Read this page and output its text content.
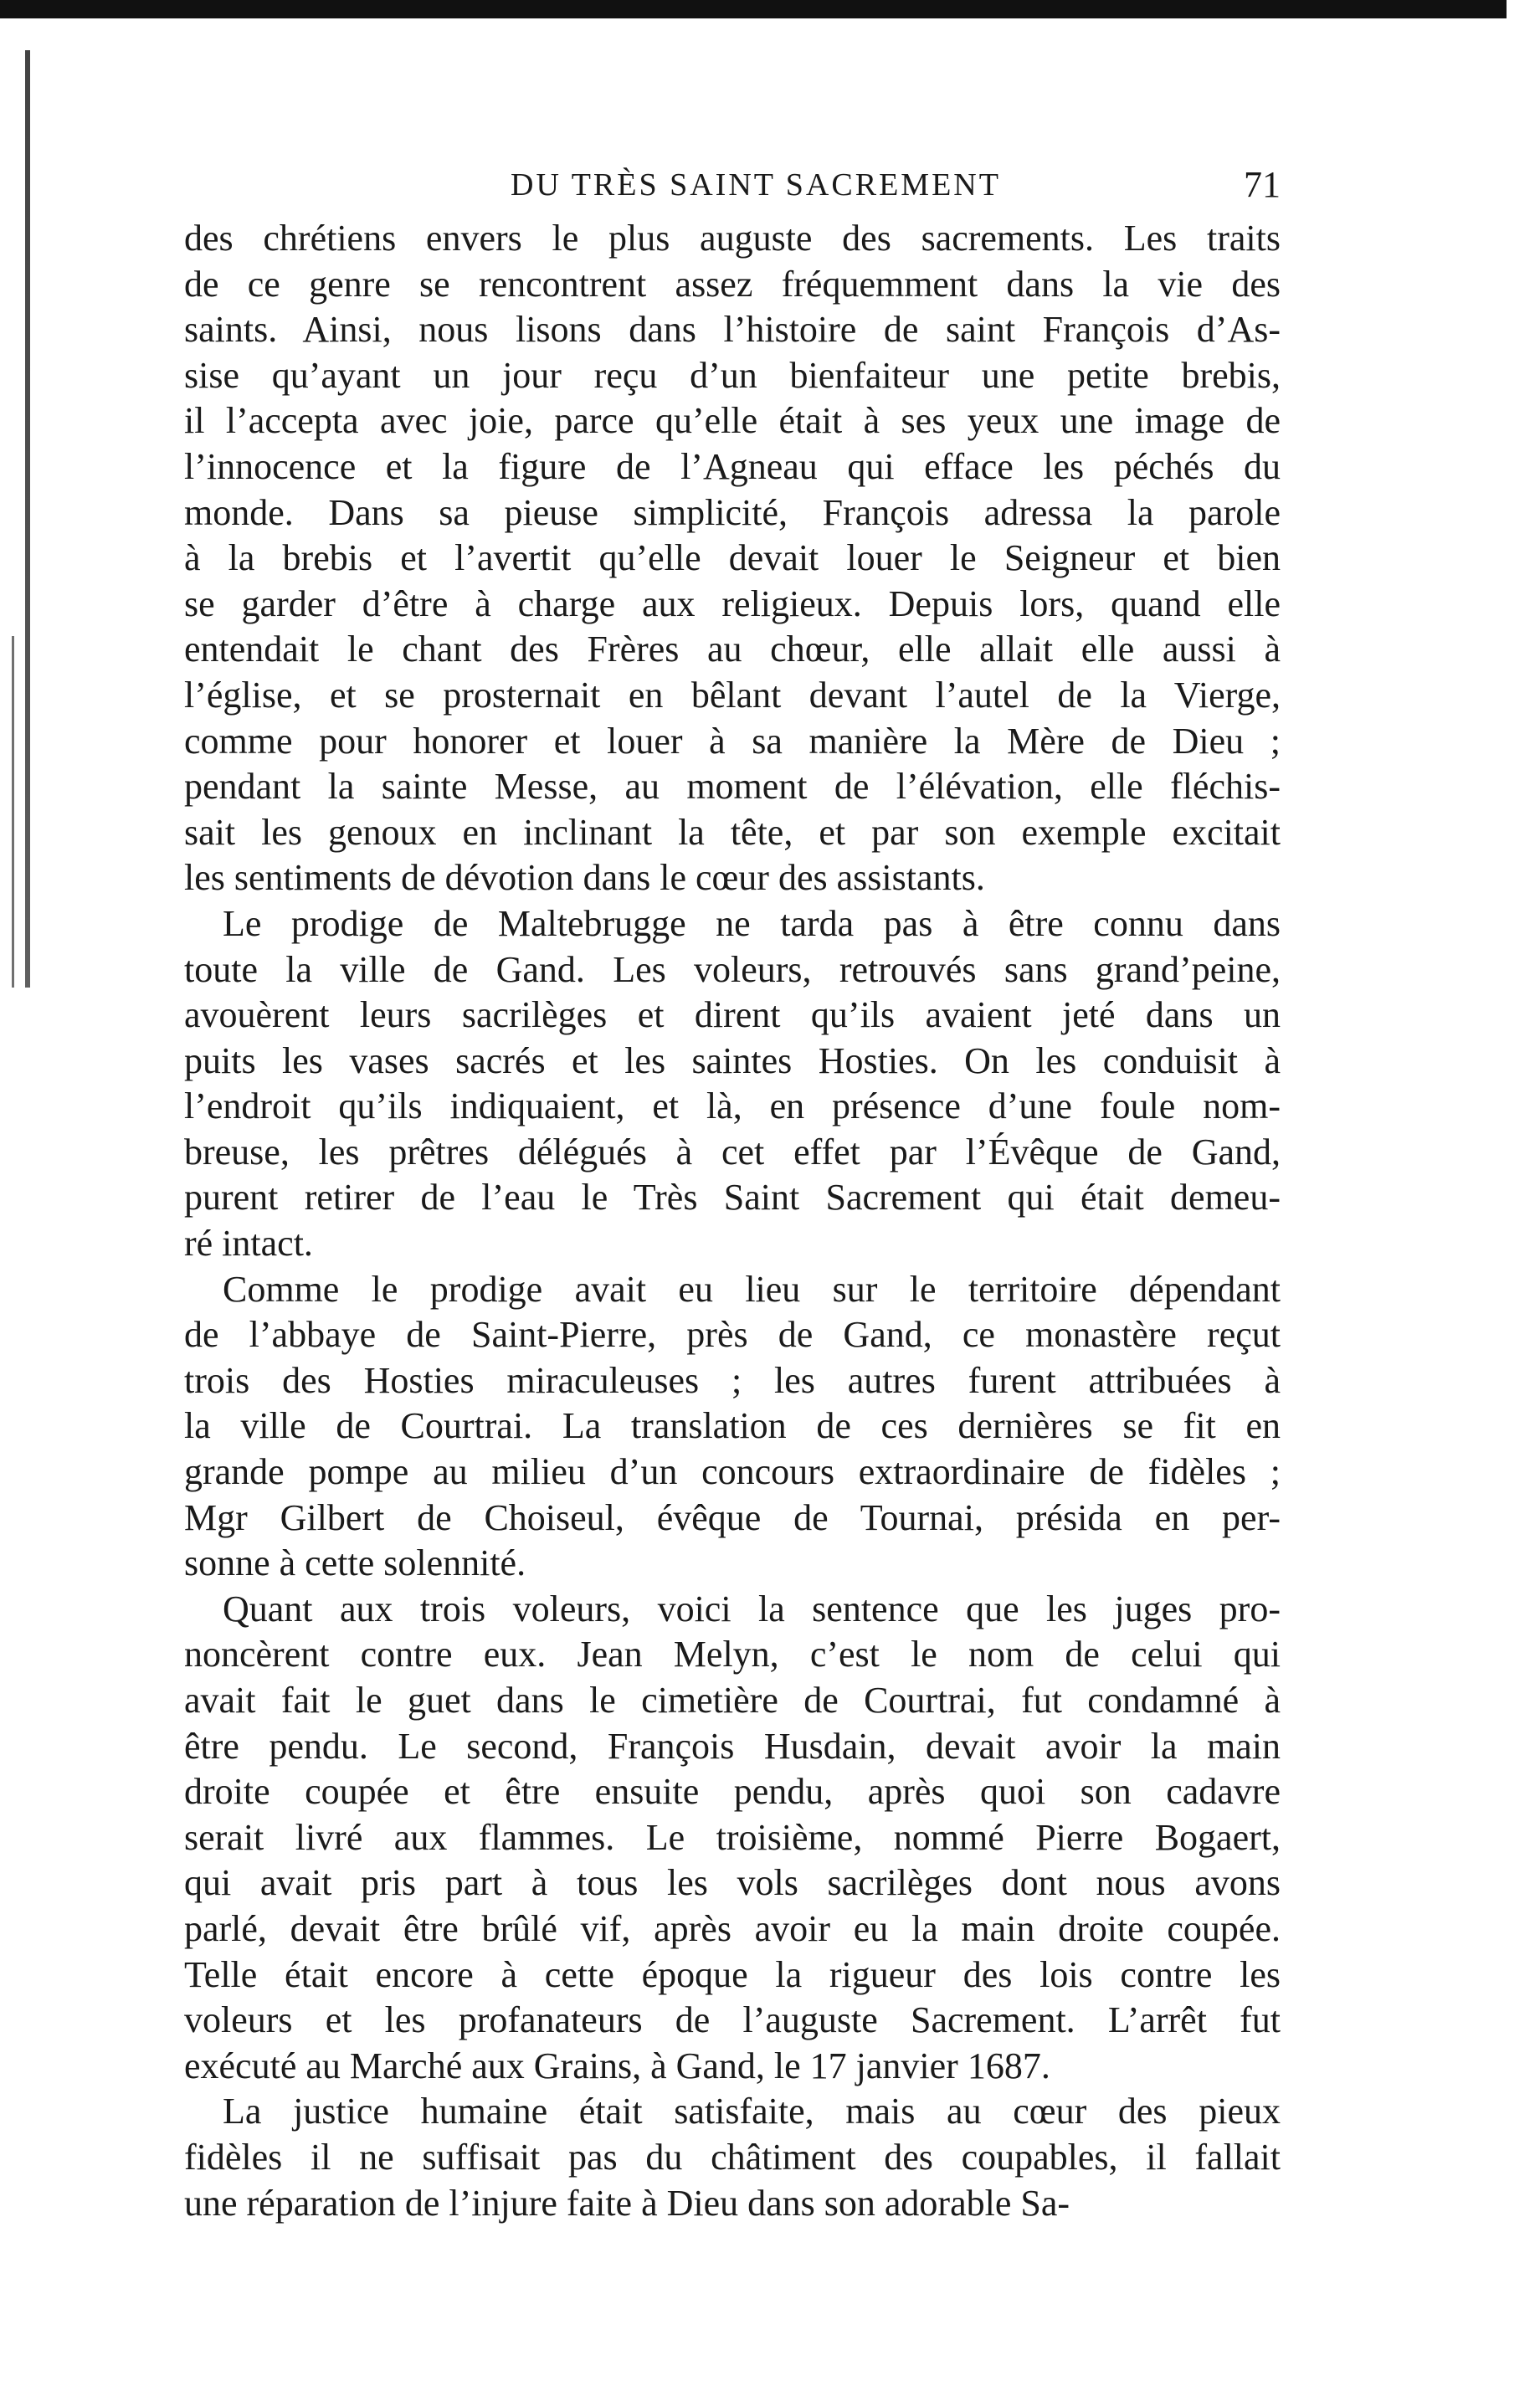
DU TRÈS SAINT SACREMENT	71
des chrétiens envers le plus auguste des sacrements. Les traits
de ce genre se rencontrent assez fréquemment dans la vie des
saints. Ainsi, nous lisons dans l’histoire de saint François d’As-
sise qu’ayant un jour reçu d’un bienfaiteur une petite brebis,
il l’accepta avec joie, parce qu’elle était à ses yeux une image de
l’innocence et la figure de l’Agneau qui efface les péchés du
monde. Dans sa pieuse simplicité, François adressa la parole
à la brebis et l’avertit qu’elle devait louer le Seigneur et bien
se garder d’être à charge aux religieux. Depuis lors, quand elle
entendait le chant des Frères au chœur, elle allait elle aussi à
l’église, et se prosternait en bêlant devant l’autel de la Vierge,
comme pour honorer et louer à sa manière la Mère de Dieu ;
pendant la sainte Messe, au moment de l’élévation, elle fléchis-
sait les genoux en inclinant la tête, et par son exemple excitait
les sentiments de dévotion dans le cœur des assistants.
Le prodige de Maltebrugge ne tarda pas à être connu dans
toute la ville de Gand. Les voleurs, retrouvés sans grand’peine,
avouèrent leurs sacrilèges et dirent qu’ils avaient jeté dans un
puits les vases sacrés et les saintes Hosties. On les conduisit à
l’endroit qu’ils indiquaient, et là, en présence d’une foule nom-
breuse, les prêtres délégués à cet effet par l’Évêque de Gand,
purent retirer de l’eau le Très Saint Sacrement qui était demeu-
ré intact.
Comme le prodige avait eu lieu sur le territoire dépendant
de l’abbaye de Saint-Pierre, près de Gand, ce monastère reçut
trois des Hosties miraculeuses ; les autres furent attribuées à
la ville de Courtrai. La translation de ces dernières se fit en
grande pompe au milieu d’un concours extraordinaire de fidèles ;
Mgr Gilbert de Choiseul, évêque de Tournai, présida en per-
sonne à cette solennité.
Quant aux trois voleurs, voici la sentence que les juges pro-
noncèrent contre eux. Jean Melyn, c’est le nom de celui qui
avait fait le guet dans le cimetière de Courtrai, fut condamné à
être pendu. Le second, François Husdain, devait avoir la main
droite coupée et être ensuite pendu, après quoi son cadavre
serait livré aux flammes. Le troisième, nommé Pierre Bogaert,
qui avait pris part à tous les vols sacrilèges dont nous avons
parlé, devait être brûlé vif, après avoir eu la main droite coupée.
Telle était encore à cette époque la rigueur des lois contre les
voleurs et les profanateurs de l’auguste Sacrement. L’arrêt fut
exécuté au Marché aux Grains, à Gand, le 17 janvier 1687.
La justice humaine était satisfaite, mais au cœur des pieux
fidèles il ne suffisait pas du châtiment des coupables, il fallait
une réparation de l’injure faite à Dieu dans son adorable Sa-
